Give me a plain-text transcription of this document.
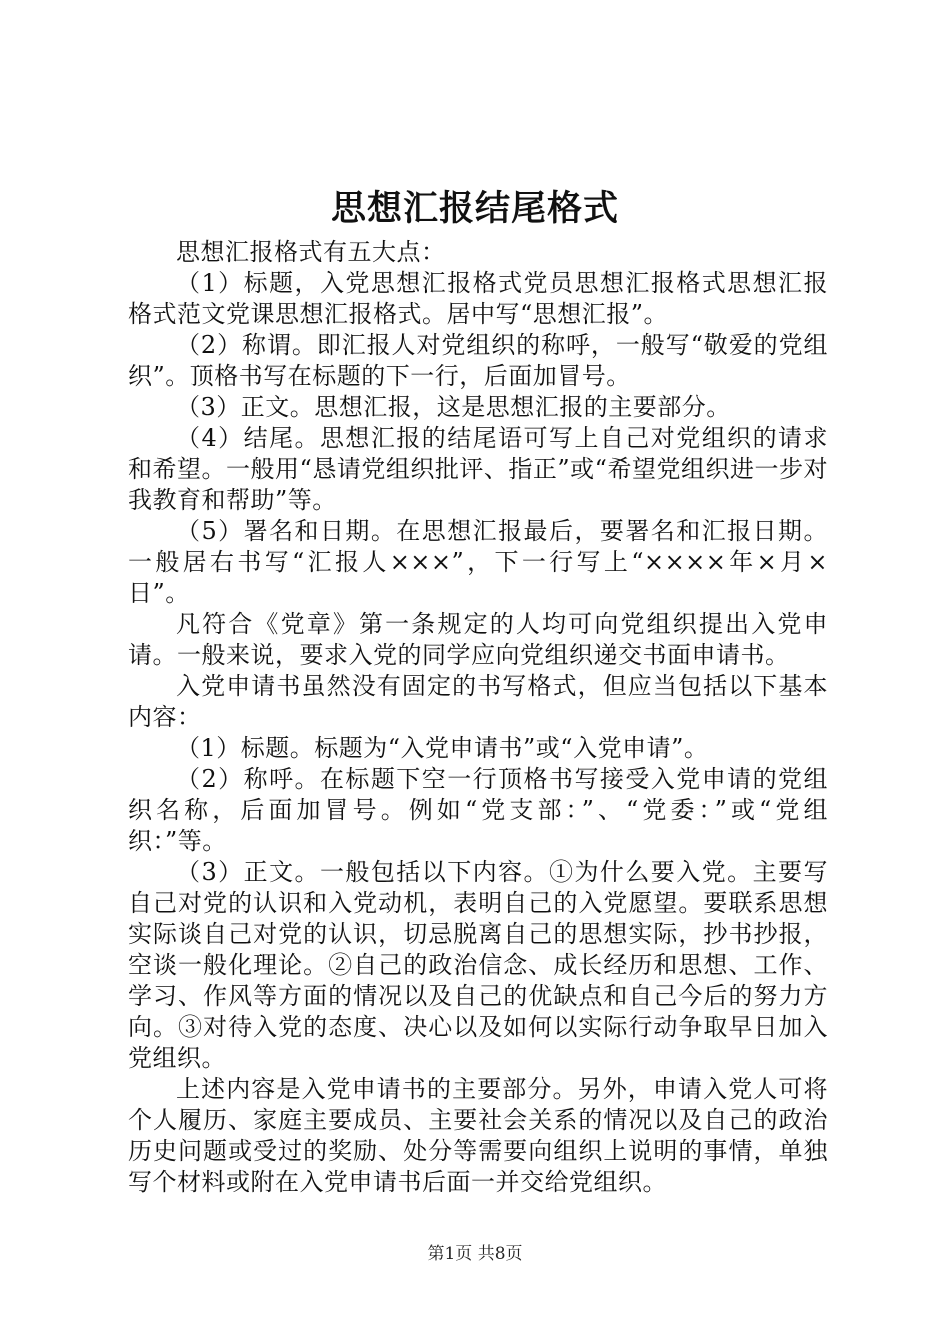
思想汇报结尾格式

思想汇报格式有五大点：

（1）标题，入党思想汇报格式党员思想汇报格式思想汇报格式范文党课思想汇报格式。居中写“思想汇报”。

（2）称谓。即汇报人对党组织的称呼，一般写“敬爱的党组织”。顶格书写在标题的下一行，后面加冒号。

（3）正文。思想汇报，这是思想汇报的主要部分。

（4）结尾。思想汇报的结尾语可写上自己对党组织的请求和希望。一般用“恳请党组织批评、指正”或“希望党组织进一步对我教育和帮助”等。

（5）署名和日期。在思想汇报最后，要署名和汇报日期。一般居右书写“汇报人×××”，下一行写上“××××年×月×日”。

凡符合《党章》第一条规定的人均可向党组织提出入党申请。一般来说，要求入党的同学应向党组织递交书面申请书。

入党申请书虽然没有固定的书写格式，但应当包括以下基本内容：

（1）标题。标题为“入党申请书”或“入党申请”。

（2）称呼。在标题下空一行顶格书写接受入党申请的党组织名称，后面加冒号。例如“党支部：”、“党委：”或“党组织：”等。

（3）正文。一般包括以下内容。①为什么要入党。主要写自己对党的认识和入党动机，表明自己的入党愿望。要联系思想实际谈自己对党的认识，切忌脱离自己的思想实际，抄书抄报，空谈一般化理论。②自己的政治信念、成长经历和思想、工作、学习、作风等方面的情况以及自己的优缺点和自己今后的努力方向。③对待入党的态度、决心以及如何以实际行动争取早日加入党组织。

上述内容是入党申请书的主要部分。另外，申请入党人可将个人履历、家庭主要成员、主要社会关系的情况以及自己的政治历史问题或受过的奖励、处分等需要向组织上说明的事情，单独写个材料或附在入党申请书后面一并交给党组织。

第1页 共8页
